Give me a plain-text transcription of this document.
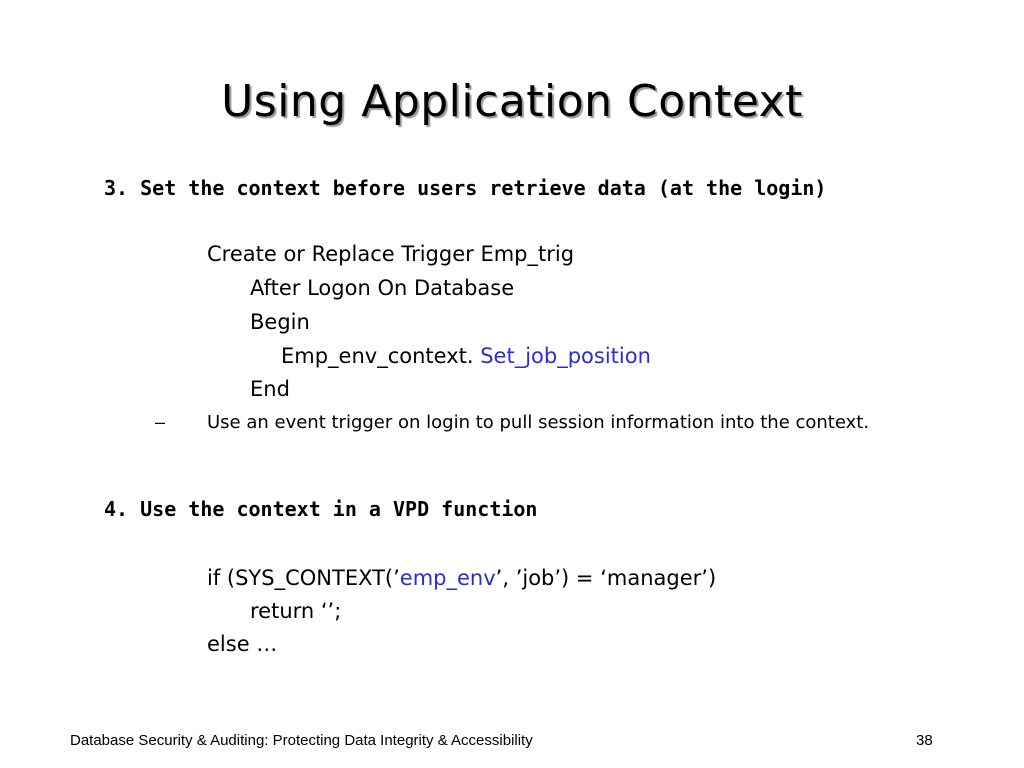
Using Application Context
3. Set the context before users retrieve data (at the login)
Create or Replace Trigger Emp_trig
After Logon On Database
Begin
Emp_env_context. Set_job_position
End
– Use an event trigger on login to pull session information into the context.
4. Use the context in a VPD function
if (SYS_CONTEXT(’emp_env’, ’job’) = ‘manager’)
return ‘’;
else …
Database Security & Auditing: Protecting Data Integrity & Accessibility	38
